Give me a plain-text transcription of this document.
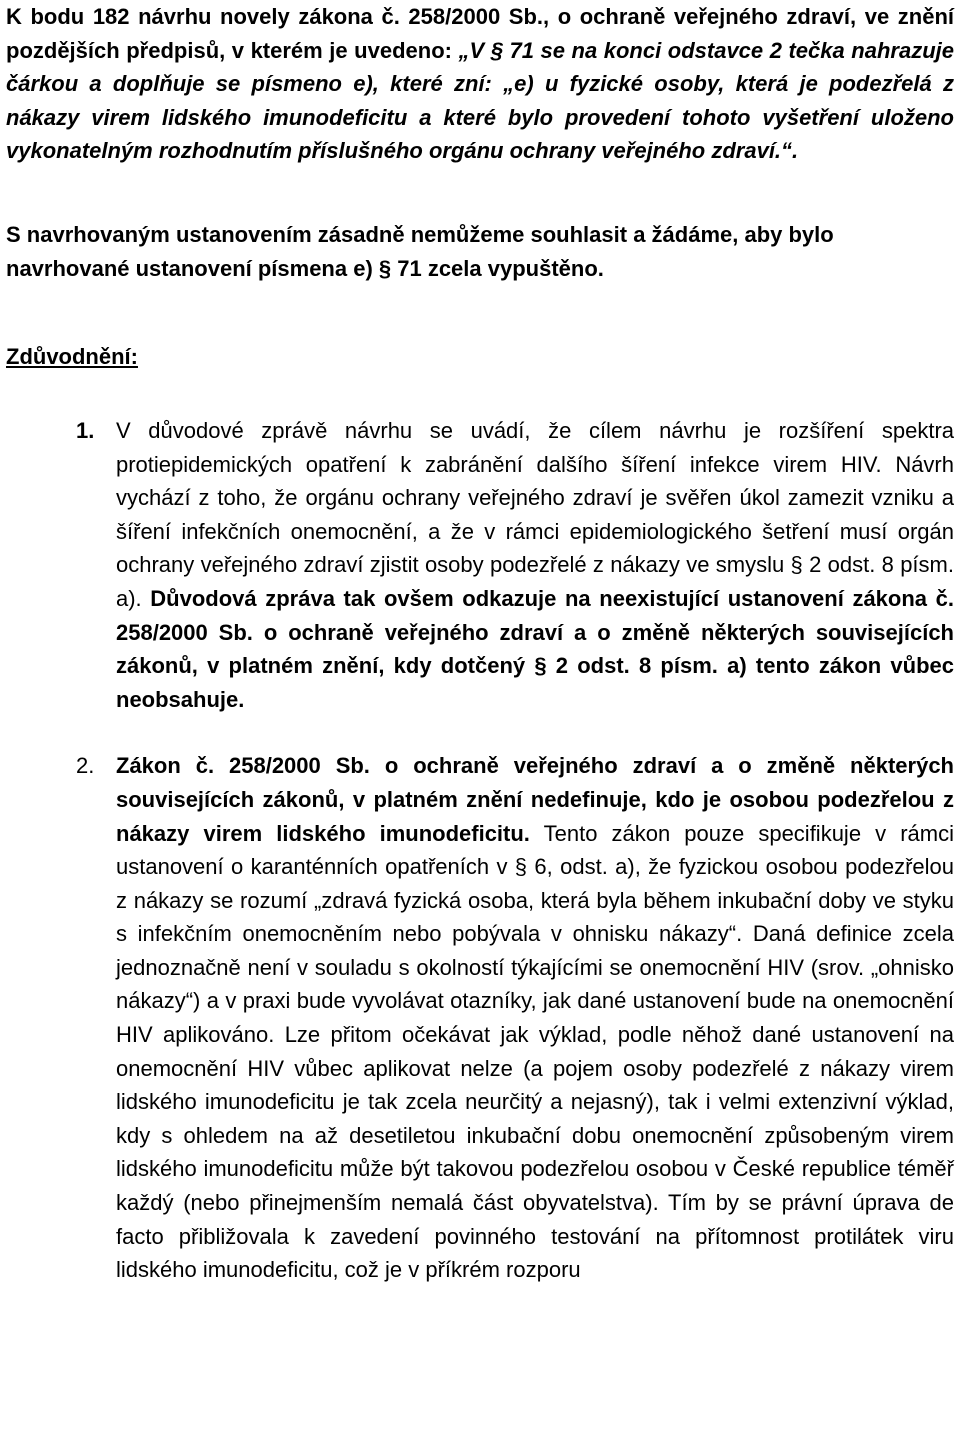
K bodu 182 návrhu novely zákona č. 258/2000 Sb., o ochraně veřejného zdraví, ve znění pozdějších předpisů, v kterém je uvedeno: „V § 71 se na konci odstavce 2 tečka nahrazuje čárkou a doplňuje se písmeno e), které zní: „e) u fyzické osoby, která je podezřelá z nákazy virem lidského imunodeficitu a které bylo provedení tohoto vyšetření uloženo vykonatelným rozhodnutím příslušného orgánu ochrany veřejného zdraví.“.

S navrhovaným ustanovením zásadně nemůžeme souhlasit a žádáme, aby bylo navrhované ustanovení písmena e) § 71 zcela vypuštěno.

Zdůvodnění:

1. V důvodové zprávě návrhu se uvádí, že cílem návrhu je rozšíření spektra protiepidemických opatření k zabránění dalšího šíření infekce virem HIV. Návrh vychází z toho, že orgánu ochrany veřejného zdraví je svěřen úkol zamezit vzniku a šíření infekčních onemocnění, a že v rámci epidemiologického šetření musí orgán ochrany veřejného zdraví zjistit osoby podezřelé z nákazy ve smyslu § 2 odst. 8 písm. a). Důvodová zpráva tak ovšem odkazuje na neexistující ustanovení zákona č. 258/2000 Sb. o ochraně veřejného zdraví a o změně některých souvisejících zákonů, v platném znění, kdy dotčený § 2 odst. 8 písm. a) tento zákon vůbec neobsahuje.
2. Zákon č. 258/2000 Sb. o ochraně veřejného zdraví a o změně některých souvisejících zákonů, v platném znění nedefinuje, kdo je osobou podezřelou z nákazy virem lidského imunodeficitu. Tento zákon pouze specifikuje v rámci ustanovení o karanténních opatřeních v § 6, odst. a), že fyzickou osobou podezřelou z nákazy se rozumí „zdravá fyzická osoba, která byla během inkubační doby ve styku s infekčním onemocněním nebo pobývala v ohnisku nákazy“. Daná definice zcela jednoznačně není v souladu s okolností týkajícími se onemocnění HIV (srov. „ohnisko nákazy“) a v praxi bude vyvolávat otazníky, jak dané ustanovení bude na onemocnění HIV aplikováno. Lze přitom očekávat jak výklad, podle něhož dané ustanovení na onemocnění HIV vůbec aplikovat nelze (a pojem osoby podezřelé z nákazy virem lidského imunodeficitu je tak zcela neurčitý a nejasný), tak i velmi extenzivní výklad, kdy s ohledem na až desetiletou inkubační dobu onemocnění způsobeným virem lidského imunodeficitu může být takovou podezřelou osobou v České republice téměř každý (nebo přinejmenším nemalá část obyvatelstva). Tím by se právní úprava de facto přibližovala k zavedení povinného testování na přítomnost protilátek viru lidského imunodeficitu, což je v příkrém rozporu
